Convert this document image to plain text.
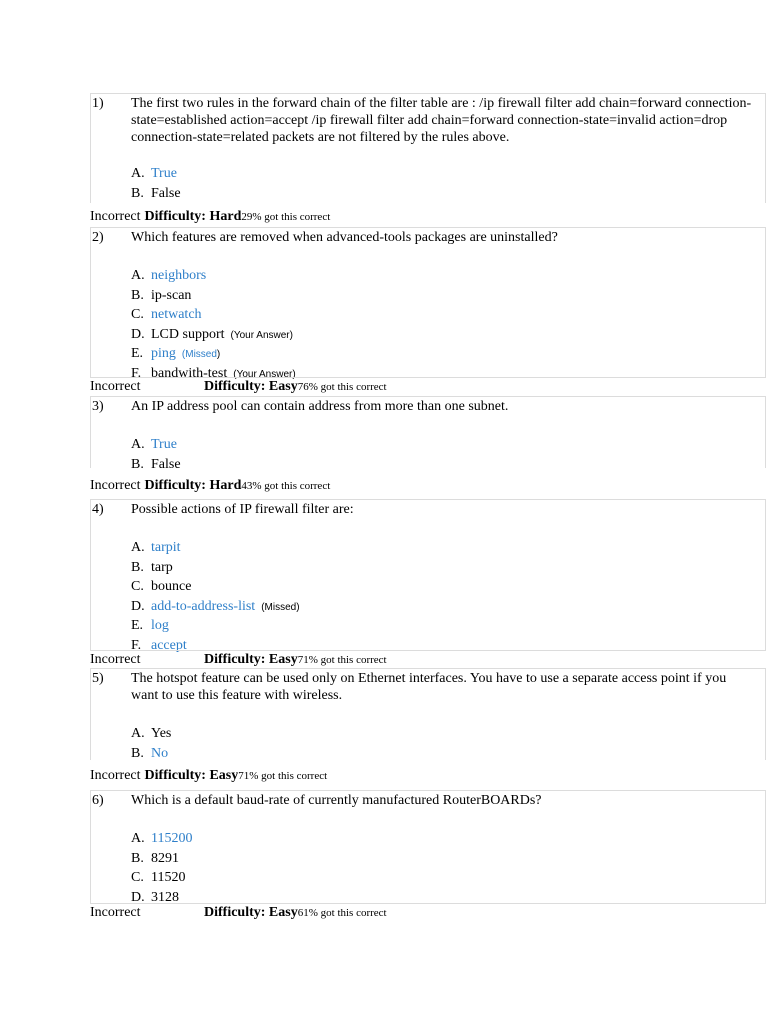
1) The first two rules in the forward chain of the filter table are : /ip firewall filter add chain=forward connection-state=established action=accept /ip firewall filter add chain=forward connection-state=invalid action=drop connection-state=related packets are not filtered by the rules above.
A. True
B. False
Incorrect Difficulty: Hard29% got this correct
2) Which features are removed when advanced-tools packages are uninstalled?
A. neighbors
B. ip-scan
C. netwatch
D. LCD support (Your Answer)
E. ping (Missed)
F. bandwith-test (Your Answer)
Incorrect	Difficulty: Easy76% got this correct
3) An IP address pool can contain address from more than one subnet.
A. True
B. False
Incorrect Difficulty: Hard43% got this correct
4) Possible actions of IP firewall filter are:
A. tarpit
B. tarp
C. bounce
D. add-to-address-list (Missed)
E. log
F. accept
Incorrect	Difficulty: Easy71% got this correct
5) The hotspot feature can be used only on Ethernet interfaces. You have to use a separate access point if you want to use this feature with wireless.
A. Yes
B. No
Incorrect Difficulty: Easy71% got this correct
6) Which is a default baud-rate of currently manufactured RouterBOARDs?
A. 115200
B. 8291
C. 11520
D. 3128
Incorrect	Difficulty: Easy61% got this correct
